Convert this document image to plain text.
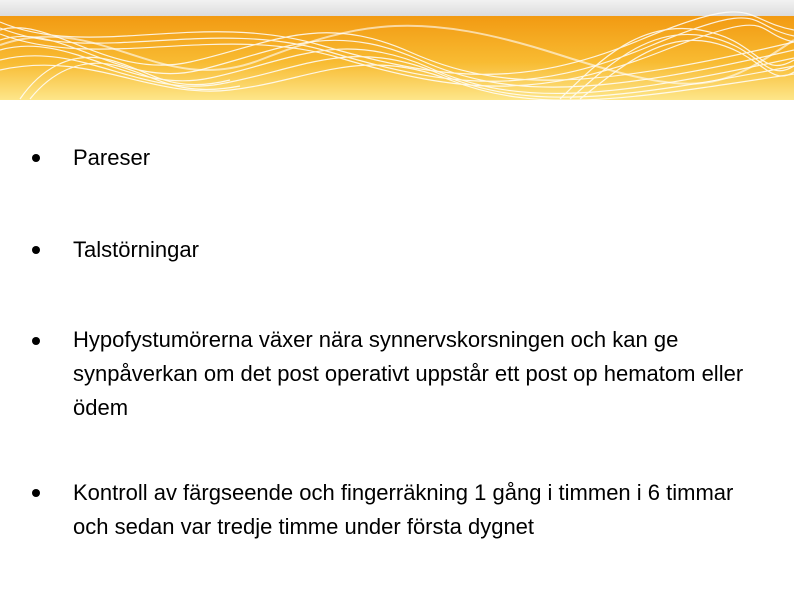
Pareser
Talstörningar
Hypofystumörerna växer nära synnervskorsningen och kan ge synpåverkan om det post operativt uppstår ett post op hematom eller ödem
Kontroll av färgseende och fingerräkning 1 gång i timmen i 6 timmar och sedan var tredje timme under första dygnet
